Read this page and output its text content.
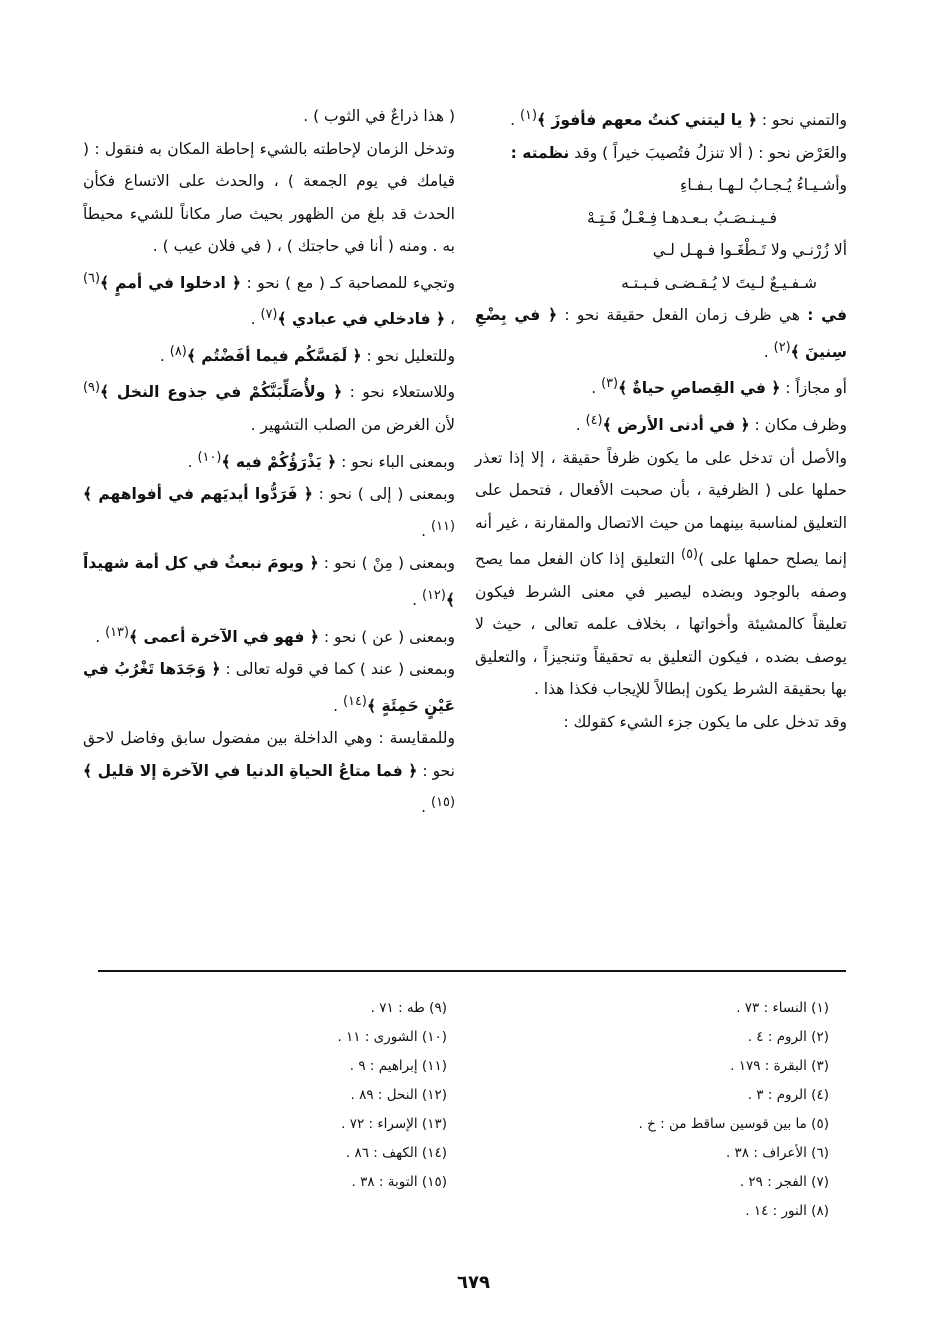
والتمني نحو : ﴿ يا ليتني كنتُ معهم فأفوزَ ﴾$^{(١)}$ .

والعَرْض نحو : ( ألا تنزلُ فتُصيبَ خيراً ) وقد نظمته :

وأشـيـاءُ يُـجـابُ لـهـا بـفـاءِ

فـيـنـصَـبُ بـعـدهـا فِـعْـلٌ فَـتِـهْ

ألا زُرْنـي ولا تَـطْغَـوا فـهـل لـي

شـفـيـعٌ لـيتَ لا يُـقـضـى فـبـتـه

في : هي ظرف زمان الفعل حقيقة نحو : ﴿ في بِضْعِ سِنينَ ﴾$^{(٢)}$ .

أو مجازاً : ﴿ في القِصاصِ حياةٌ ﴾$^{(٣)}$ .

وظرف مكان : ﴿ في أدنى الأرض ﴾$^{(٤)}$ .

والأصل أن تدخل على ما يكون ظرفاً حقيقة ، إلا إذا تعذر حملها على ( الظرفية ، بأن صحبت الأفعال ، فتحمل على التعليق لمناسبة بينهما من حيث الاتصال والمقارنة ، غير أنه إنما يصلح حملها على )$^{(٥)}$ التعليق إذا كان الفعل مما يصح وصفه بالوجود وبضده ليصير في معنى الشرط فيكون تعليقاً كالمشيئة وأخواتها ، بخلاف علمه تعالى ، حيث لا يوصف بضده ، فيكون التعليق به تحقيقاً وتنجيزاً ، والتعليق بها بحقيقة الشرط يكون إبطالاً للإيجاب فكذا هذا .

وقد تدخل على ما يكون جزء الشيء كقولك :

( هذا ذراعٌ في الثوب ) .

وتدخل الزمان لإحاطته بالشيء إحاطة المكان به فنقول : ( قيامك في يوم الجمعة ) ، والحدث على الاتساع فكأن الحدث قد بلغ من الظهور بحيث صار مكاناً للشيء محيطاً به . ومنه ( أنا في حاجتك ) ، ( في فلان عيب ) .

وتجيء للمصاحبة كـ ( مع ) نحو : ﴿ ادخلوا في أممٍ ﴾$^{(٦)}$ ، ﴿ فادخلي في عبادي ﴾$^{(٧)}$ .

وللتعليل نحو : ﴿ لَمَسَّكُم فيما أفَضْتُم ﴾$^{(٨)}$ .

وللاستعلاء نحو : ﴿ ولأُصَلِّبَنَّكُمْ في جذوع النخل ﴾$^{(٩)}$ لأن الغرض من الصلب التشهير .

وبمعنى الباء نحو : ﴿ يَذْرَؤُكُمْ فيه ﴾$^{(١٠)}$ .

وبمعنى ( إلى ) نحو : ﴿ فَرَدُّوا أيديَهم في أفواههم ﴾$^{(١١)}$ .

وبمعنى ( مِنْ ) نحو : ﴿ ويومَ نبعثُ في كل أمة شهيداً ﴾$^{(١٢)}$ .

وبمعنى ( عن ) نحو : ﴿ فهو في الآخرة أعمى ﴾$^{(١٣)}$ .

وبمعنى ( عند ) كما في قوله تعالى : ﴿ وَجَدَها تَغْرُبُ في عَيْنٍ حَمِئَةٍ ﴾$^{(١٤)}$ .

وللمقايسة : وهي الداخلة بين مفضول سابق وفاضل لاحق نحو : ﴿ فما متاعُ الحياةِ الدنيا في الآخرة إلا قليل ﴾$^{(١٥)}$ .

(١) النساء : ٧٣ .

(٢) الروم : ٤ .

(٣) البقرة : ١٧٩ .

(٤) الروم : ٣ .

(٥) ما بين قوسين ساقط من : خ .

(٦) الأعراف : ٣٨ .

(٧) الفجر : ٢٩ .

(٨) النور : ١٤ .

(٩) طه : ٧١ .

(١٠) الشورى : ١١ .

(١١) إبراهيم : ٩ .

(١٢) النحل : ٨٩ .

(١٣) الإسراء : ٧٢ .

(١٤) الكهف : ٨٦ .

(١٥) التوبة : ٣٨ .

٦٧٩
